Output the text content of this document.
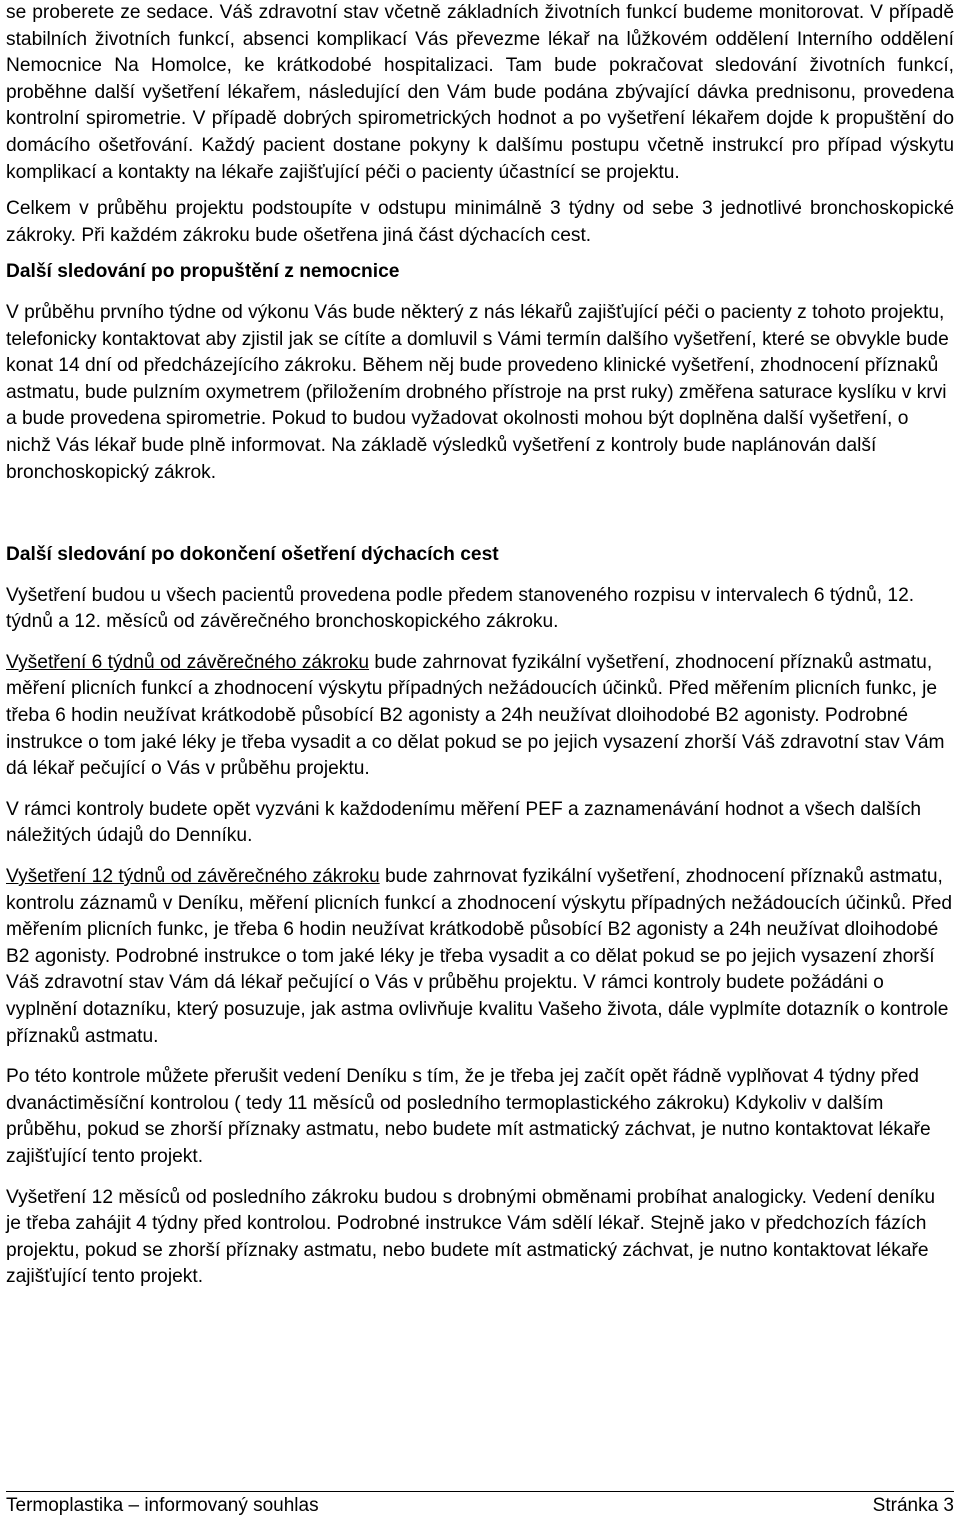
se proberete ze sedace. Váš zdravotní stav včetně základních životních funkcí budeme monitorovat. V případě stabilních životních funkcí, absenci komplikací Vás převezme lékař na lůžkovém oddělení Interního oddělení Nemocnice Na Homolce, ke krátkodobé hospitalizaci. Tam bude pokračovat sledování životních funkcí, proběhne další vyšetření lékařem, následující den Vám bude podána zbývající dávka prednisonu, provedena kontrolní spirometrie. V případě dobrých spirometrických hodnot a po vyšetření lékařem dojde k propuštění do domácího ošetřování. Každý pacient dostane pokyny k dalšímu postupu včetně instrukcí pro případ výskytu komplikací a kontakty na lékaře zajišťující péči o pacienty účastnící se projektu.

Celkem v průběhu projektu podstoupíte v odstupu minimálně 3 týdny od sebe 3 jednotlivé bronchoskopické zákroky. Při každém zákroku bude ošetřena jiná část dýchacích cest.

Další sledování po propuštění z nemocnice

V průběhu prvního týdne od výkonu Vás bude některý z nás lékařů zajišťující péči o pacienty z tohoto projektu, telefonicky kontaktovat aby zjistil jak se cítíte a domluvil s Vámi termín dalšího vyšetření, které se obvykle bude konat 14 dní od předcházejícího zákroku. Během něj bude provedeno klinické vyšetření, zhodnocení příznaků astmatu, bude pulzním oxymetrem (přiložením drobného přístroje na prst ruky) změřena saturace kyslíku v krvi a bude provedena spirometrie. Pokud to budou vyžadovat okolnosti mohou být doplněna další vyšetření, o nichž Vás lékař bude plně informovat. Na základě výsledků vyšetření z kontroly bude naplánován další bronchoskopický zákrok.

Další sledování po dokončení ošetření dýchacích cest

Vyšetření budou u všech pacientů provedena podle předem stanoveného rozpisu v intervalech 6 týdnů, 12. týdnů a 12. měsíců od závěrečného bronchoskopického zákroku.

Vyšetření 6 týdnů od závěrečného zákroku bude zahrnovat fyzikální vyšetření, zhodnocení příznaků astmatu, měření plicních funkcí a zhodnocení výskytu případných nežádoucích účinků. Před měřením plicních funkc, je třeba 6 hodin neužívat krátkodobě působící B2 agonisty a 24h neužívat dloihodobé B2 agonisty. Podrobné instrukce o tom jaké léky je třeba vysadit a co dělat pokud se po jejich vysazení zhorší Váš zdravotní stav Vám dá lékař pečující o Vás v průběhu projektu.

V rámci kontroly budete opět vyzváni k každodenímu měření PEF a zaznamenávání hodnot a všech dalších náležitých údajů do Denníku.

Vyšetření 12 týdnů od závěrečného zákroku bude zahrnovat fyzikální vyšetření, zhodnocení příznaků astmatu, kontrolu záznamů v Deníku, měření plicních funkcí a zhodnocení výskytu případných nežádoucích účinků. Před měřením plicních funkc, je třeba 6 hodin neužívat krátkodobě působící B2 agonisty a 24h neužívat dloihodobé B2 agonisty. Podrobné instrukce o tom jaké léky je třeba vysadit a co dělat pokud se po jejich vysazení zhorší Váš zdravotní stav Vám dá lékař pečující o Vás v průběhu projektu. V rámci kontroly budete požádáni o vyplnění dotazníku, který posuzuje, jak astma ovlivňuje kvalitu Vašeho života, dále vyplmíte dotazník o kontrole příznaků astmatu.

Po této kontrole můžete přerušit vedení Deníku s tím, že je třeba jej začít opět řádně vyplňovat 4 týdny před dvanáctiměsíční kontrolou ( tedy 11 měsíců od posledního termoplastického zákroku) Kdykoliv v dalším průběhu, pokud se zhorší příznaky astmatu, nebo budete mít astmatický záchvat, je nutno kontaktovat lékaře zajišťující tento projekt.

Vyšetření 12 měsíců od posledního zákroku budou s drobnými obměnami probíhat analogicky. Vedení deníku je třeba zahájit 4 týdny před kontrolou. Podrobné instrukce Vám sdělí lékař. Stejně jako v předchozích fázích projektu, pokud se zhorší příznaky astmatu, nebo budete mít astmatický záchvat, je nutno kontaktovat lékaře zajišťující tento projekt.

Termoplastika – informovaný souhlas	Stránka 3
